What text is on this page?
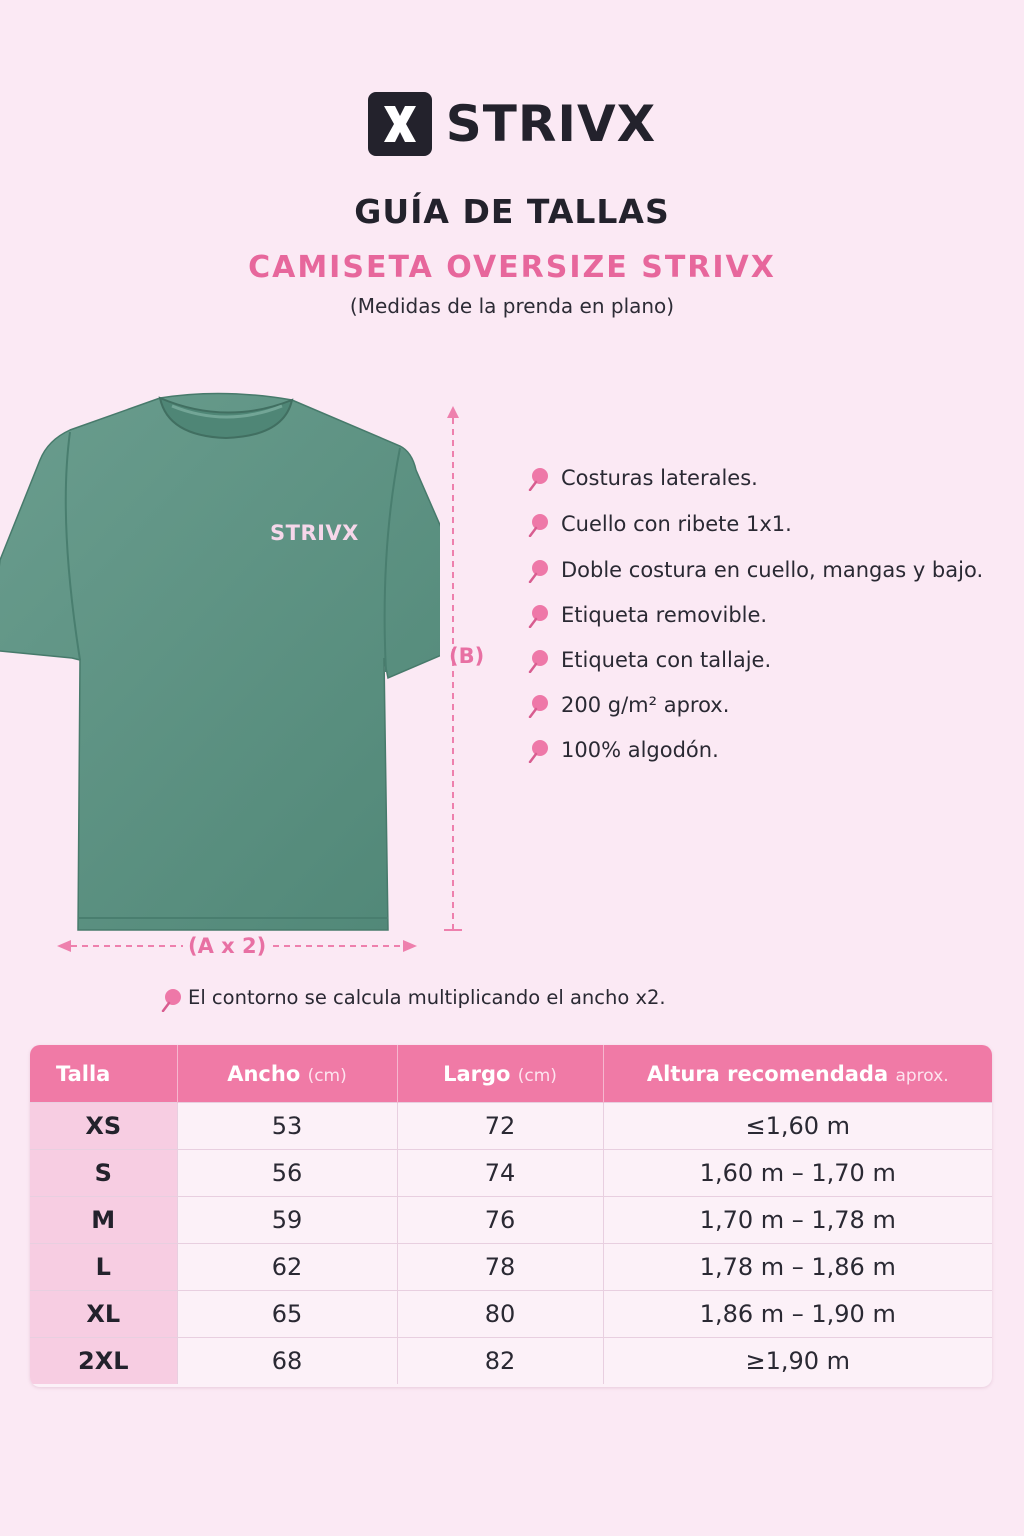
STRIVX
GUÍA DE TALLAS
CAMISETA OVERSIZE STRIVX
(Medidas de la prenda en plano)
STRIVX
(B)
(A x 2)
Costuras laterales.
Cuello con ribete 1x1.
Doble costura en cuello, mangas y bajo.
Etiqueta removible.
Etiqueta con tallaje.
200 g/m² aprox.
100% algodón.
El contorno se calcula multiplicando el ancho x2.
Talla	Ancho (cm)	Largo (cm)	Altura recomendada aprox.
XS	53	72	≤1,60 m
S	56	74	1,60 m – 1,70 m
M	59	76	1,70 m – 1,78 m
L	62	78	1,78 m – 1,86 m
XL	65	80	1,86 m – 1,90 m
2XL	68	82	≥1,90 m
